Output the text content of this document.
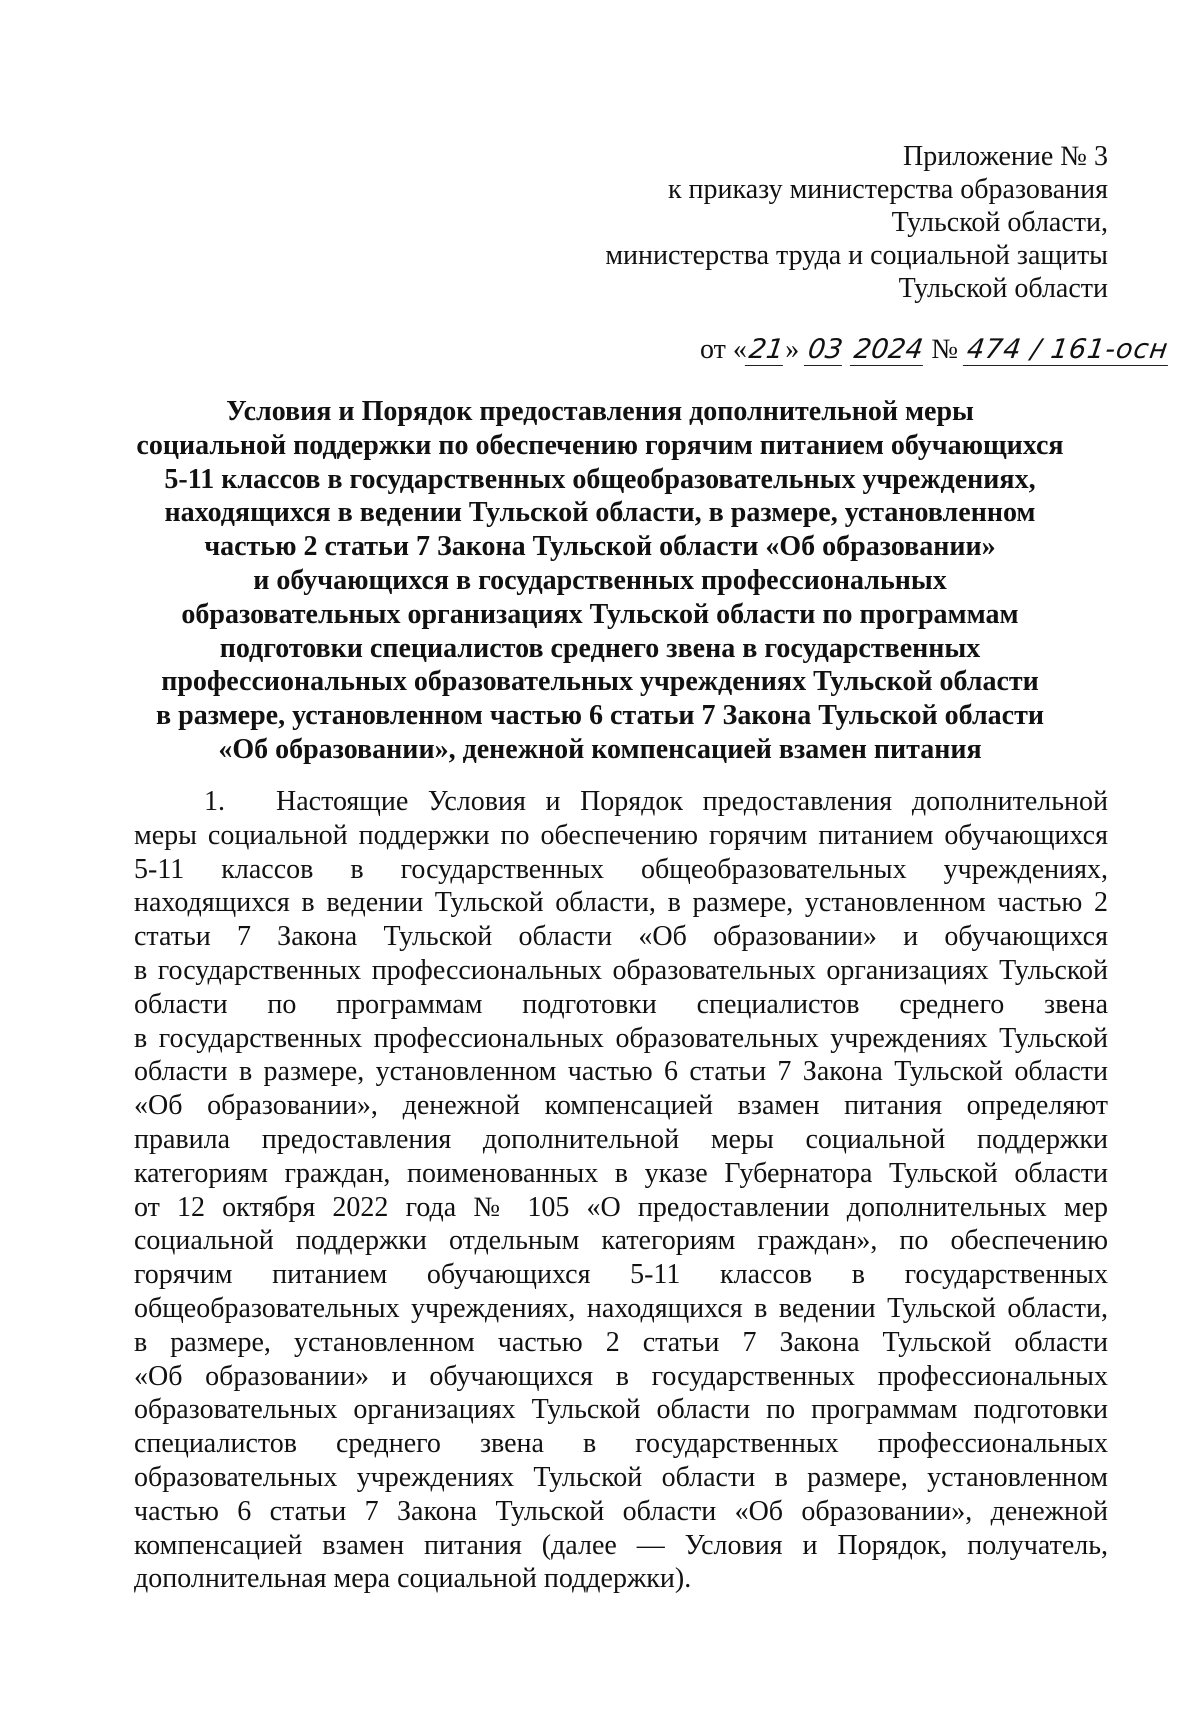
Приложение № 3
к приказу министерства образования
Тульской области,
министерства труда и социальной защиты
Тульской области
от «21» 03 2024 № 474 / 161-осн
Условия и Порядок предоставления дополнительной меры
социальной поддержки по обеспечению горячим питанием обучающихся
5-11 классов в государственных общеобразовательных учреждениях,
находящихся в ведении Тульской области, в размере, установленном
частью 2 статьи 7 Закона Тульской области «Об образовании»
и обучающихся в государственных профессиональных
образовательных организациях Тульской области по программам
подготовки специалистов среднего звена в государственных
профессиональных образовательных учреждениях Тульской области
в размере, установленном частью 6 статьи 7 Закона Тульской области
«Об образовании», денежной компенсацией взамен питания
1.  Настоящие Условия и Порядок предоставления дополнительной
меры социальной поддержки по обеспечению горячим питанием обучающихся
5-11 классов в государственных общеобразовательных учреждениях,
находящихся в ведении Тульской области, в размере, установленном частью 2
статьи 7 Закона Тульской области «Об образовании» и обучающихся
в государственных профессиональных образовательных организациях Тульской
области по программам подготовки специалистов среднего звена
в государственных профессиональных образовательных учреждениях Тульской
области в размере, установленном частью 6 статьи 7 Закона Тульской области
«Об образовании», денежной компенсацией взамен питания определяют
правила предоставления дополнительной меры социальной поддержки
категориям граждан, поименованных в указе Губернатора Тульской области
от 12 октября 2022 года № 105 «О предоставлении дополнительных мер
социальной поддержки отдельным категориям граждан», по обеспечению
горячим питанием обучающихся 5-11 классов в государственных
общеобразовательных учреждениях, находящихся в ведении Тульской области,
в размере, установленном частью 2 статьи 7 Закона Тульской области
«Об образовании» и обучающихся в государственных профессиональных
образовательных организациях Тульской области по программам подготовки
специалистов среднего звена в государственных профессиональных
образовательных учреждениях Тульской области в размере, установленном
частью 6 статьи 7 Закона Тульской области «Об образовании», денежной
компенсацией взамен питания (далее — Условия и Порядок, получатель,
дополнительная мера социальной поддержки).
